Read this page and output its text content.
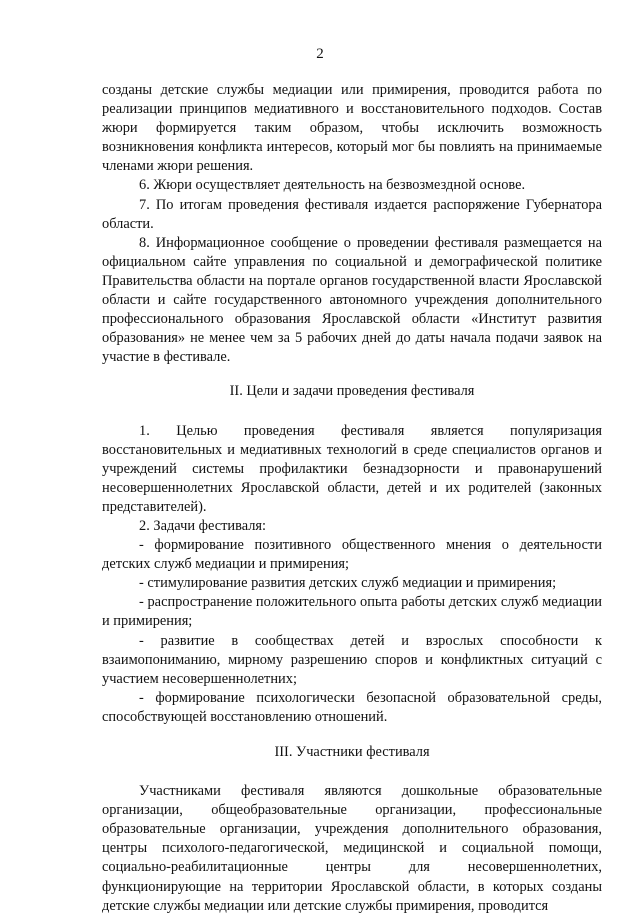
2

созданы детские службы медиации или примирения, проводится работа по реализации принципов медиативного и восстановительного подходов. Состав жюри формируется таким образом, чтобы исключить возможность возникновения конфликта интересов, который мог бы повлиять на принимаемые членами жюри решения.

6. Жюри осуществляет деятельность на безвозмездной основе.

7. По итогам проведения фестиваля издается распоряжение Губернатора области.

8. Информационное сообщение о проведении фестиваля размещается на официальном сайте управления по социальной и демографической политике Правительства области на портале органов государственной власти Ярославской области и сайте государственного автономного учреждения дополнительного профессионального образования Ярославской области «Институт развития образования» не менее чем за 5 рабочих дней до даты начала подачи заявок на участие в фестивале.

II. Цели и задачи проведения фестиваля

1. Целью проведения фестиваля является популяризация восстановительных и медиативных технологий в среде специалистов органов и учреждений системы профилактики безнадзорности и правонарушений несовершеннолетних Ярославской области, детей и их родителей (законных представителей).

2. Задачи фестиваля:

- формирование позитивного общественного мнения о деятельности детских служб медиации и примирения;

- стимулирование развития детских служб медиации и примирения;

- распространение положительного опыта работы детских служб медиации и примирения;

- развитие в сообществах детей и взрослых способности к взаимопониманию, мирному разрешению споров и конфликтных ситуаций с участием несовершеннолетних;

- формирование психологически безопасной образовательной среды, способствующей восстановлению отношений.

III. Участники фестиваля

Участниками фестиваля являются дошкольные образовательные организации, общеобразовательные организации, профессиональные образовательные организации, учреждения дополнительного образования, центры психолого-педагогической, медицинской и социальной помощи, социально-реабилитационные центры для несовершеннолетних, функционирующие на территории Ярославской области, в которых созданы детские службы медиации или детские службы примирения, проводится
